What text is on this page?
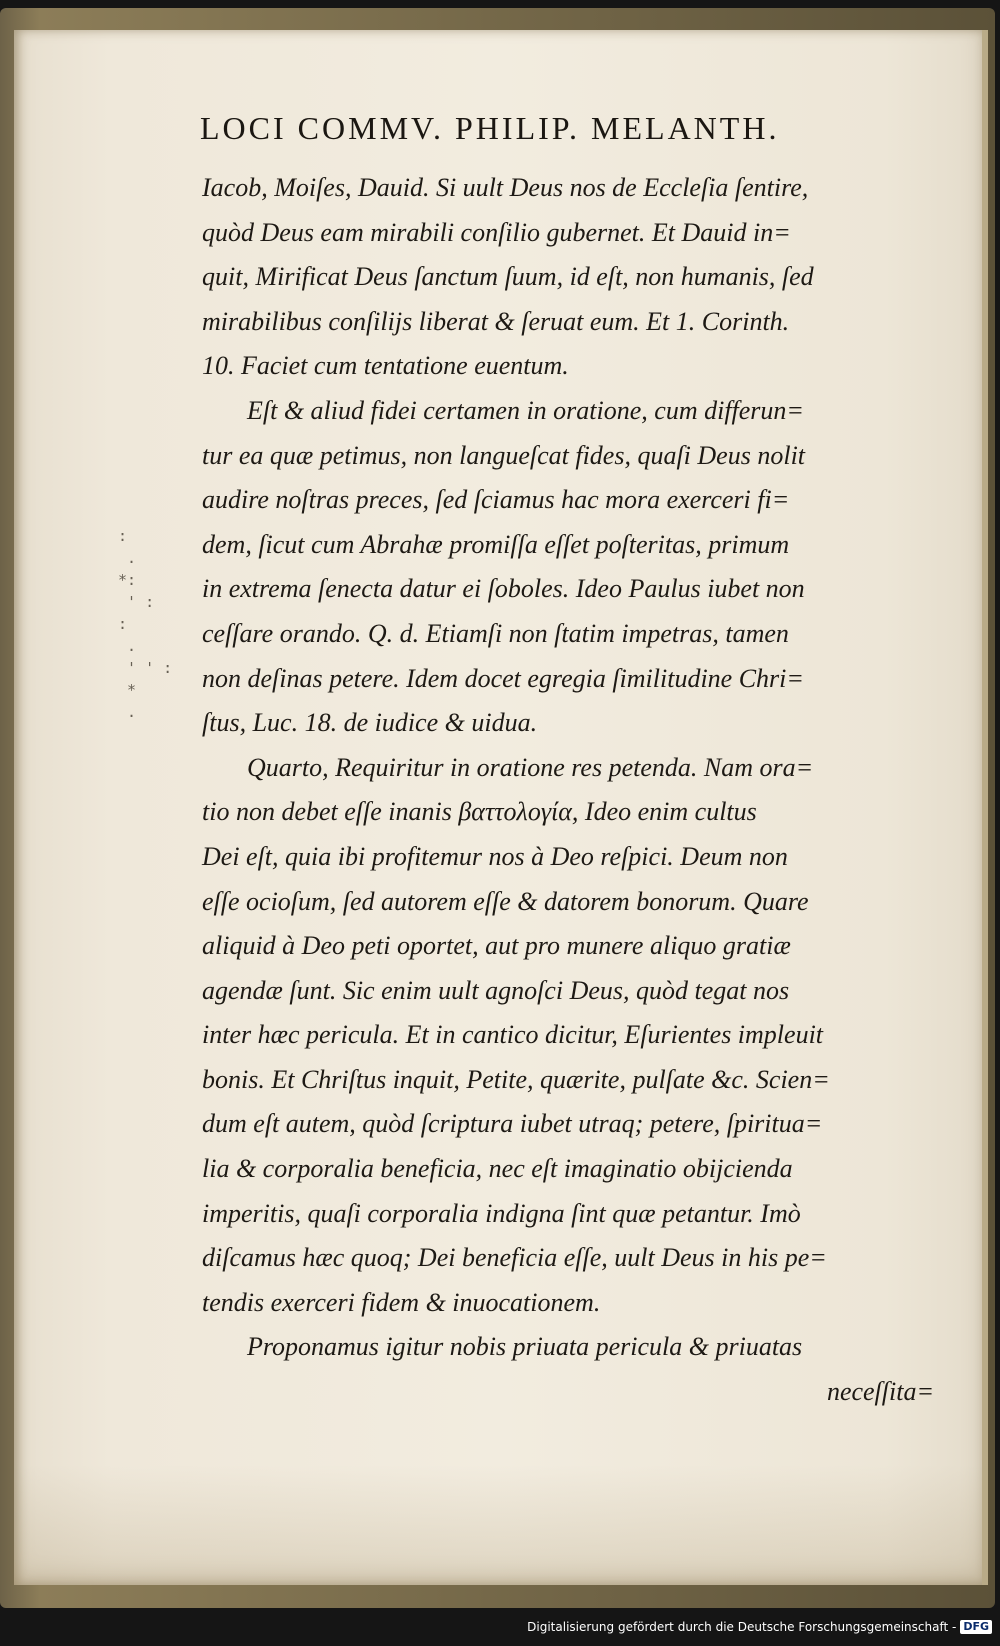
:
.
*:
' :
:
.
' '
*
.
LOCI COMMV. PHILIP. MELANTH.
Iacob, Moiſes, Dauid. Si uult Deus nos de Eccleſia ſentire,
quòd Deus eam mirabili conſilio gubernet. Et Dauid in=
quit, Mirificat Deus ſanctum ſuum, id eſt, non humanis, ſed
mirabilibus conſilijs liberat & ſeruat eum. Et 1. Corinth.
10. Faciet cum tentatione euentum.
Eſt & aliud fidei certamen in oratione, cum differun=
tur ea quæ petimus, non langueſcat fides, quaſi Deus nolit
audire noſtras preces, ſed ſciamus hac mora exerceri fi=
dem, ſicut cum Abrahæ promiſſa eſſet poſteritas, primum
in extrema ſenecta datur ei ſoboles. Ideo Paulus iubet non
ceſſare orando. Q. d. Etiamſi non ſtatim impetras, tamen
non deſinas petere. Idem docet egregia ſimilitudine Chri=
ſtus, Luc. 18. de iudice & uidua.
Quarto, Requiritur in oratione res petenda. Nam ora=
tio non debet eſſe inanis βαττολογία, Ideo enim cultus
Dei eſt, quia ibi profitemur nos à Deo reſpici. Deum non
eſſe ocioſum, ſed autorem eſſe & datorem bonorum. Quare
aliquid à Deo peti oportet, aut pro munere aliquo gratiæ
agendæ ſunt. Sic enim uult agnoſci Deus, quòd tegat nos
inter hæc pericula. Et in cantico dicitur, Eſurientes impleuit
bonis. Et Chriſtus inquit, Petite, quærite, pulſate &c. Scien=
dum eſt autem, quòd ſcriptura iubet utraq; petere, ſpiritua=
lia & corporalia beneficia, nec eſt imaginatio obijcienda
imperitis, quaſi corporalia indigna ſint quæ petantur. Imò
diſcamus hæc quoq; Dei beneficia eſſe, uult Deus in his pe=
tendis exerceri fidem & inuocationem.
Proponamus igitur nobis priuata pericula & priuatas
neceſſita=
Digitalisierung gefördert durch die Deutsche Forschungsgemeinschaft - DFG
